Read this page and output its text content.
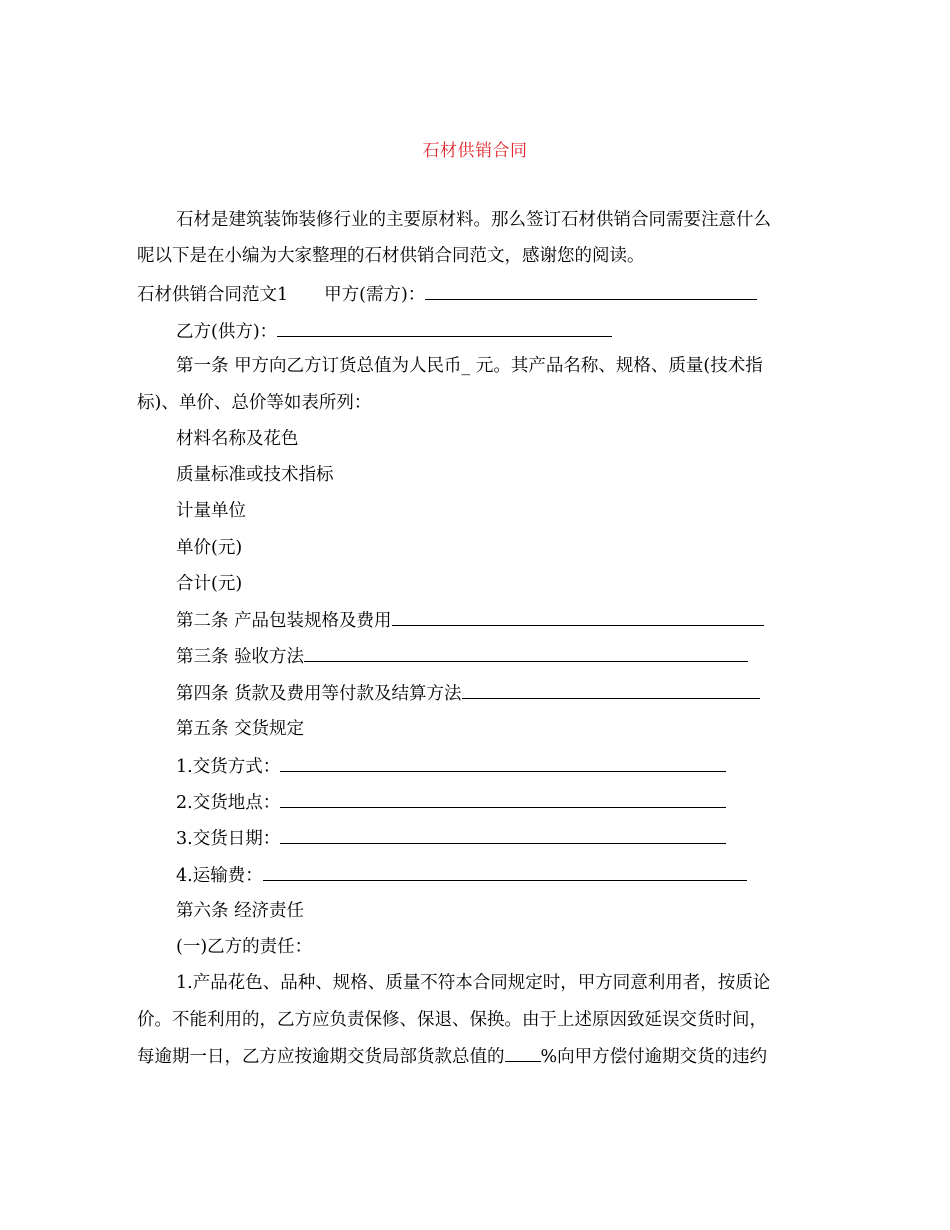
石材供销合同
石材是建筑装饰装修行业的主要原材料。那么签订石材供销合同需要注意什么
呢以下是在小编为大家整理的石材供销合同范文，感谢您的阅读。
石材供销合同范文1 甲方(需方)：
乙方(供方)：
第一条 甲方向乙方订货总值为人民币_ 元。其产品名称、规格、质量(技术指
标)、单价、总价等如表所列：
材料名称及花色
质量标准或技术指标
计量单位
单价(元)
合计(元)
第二条 产品包装规格及费用
第三条 验收方法
第四条 货款及费用等付款及结算方法
第五条 交货规定
1.交货方式：
2.交货地点：
3.交货日期：
4.运输费：
第六条 经济责任
(一)乙方的责任：
1.产品花色、品种、规格、质量不符本合同规定时，甲方同意利用者，按质论
价。不能利用的，乙方应负责保修、保退、保换。由于上述原因致延误交货时间，
每逾期一日，乙方应按逾期交货局部货款总值的 %向甲方偿付逾期交货的违约
